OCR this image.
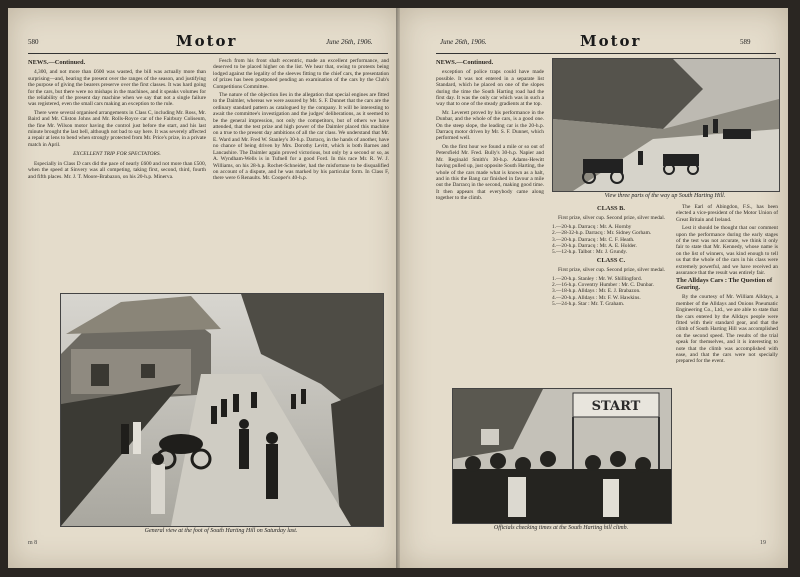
580	Motor	June 26th, 1906.

NEWS.—Continued.

4,300, and not more than £600 was wasted, the bill was actually more than surprising—and, bearing the present over the ranges of the season, and justifying the purpose of giving the bearers preserve over the first classes. It was hard going for the cars, but there were no mishaps in the machines, and it speaks volumes for the reliability of the present day machine when we say that not a single failure was registered, even the small cars making an exception to the rule.

There were several organised arrangements in Class C, including Mr. Ross, Mr. Baird and Mr. Cliston Johns and Mr. Rolls-Royce car of the Fairbury Coliseum, the fine Mr. Wilson motor having the control just before the start, and his last minute brought the last bell, although not bad to say here. It was severely affected a repair at lens to bend when strongly protected from Mr. Price's prize, in a private match in April.

EXCELLENT TRIP FOR SPECTATORS.

Especially in Class D cars did the pace of nearly £600 and not more than £500, when the speed at Sinvery was all competing, taking first, second, third, fourth and fifth places. Mr. J. T. Moore-Brabazon, on his 20-h.p. Minerva.

Fesch from his front shaft eccentric, made an excellent performance, and deserved to be placed higher on the list. We hear that, owing to protests being lodged against the legality of the sleeves fitting to the chief cars, the presentation of prizes has been postponed pending an examination of the cars by the Club's Competitions Committee.

The nature of the objection lies in the allegation that special engines are fitted to the Daimler, whereas we were assured by Mr. S. F. Dunnet that the cars are the ordinary standard pattern as catalogued by the company. It will be interesting to await the committee's investigation and the judges' deliberations, as it seemed to be the general impression, not only the competitors, but of others we have attended, that the test prize and high power of the Daimler placed this machine on a true to the present day ambitions of all the car class. We understand that Mr. E. Ward and Mr. Fred W. Stanley's 30-h.p. Darracq, in the hands of another, have no chance of being driven by Mrs. Dorothy Levitt, which is both Barnes and Lancashire. The Daimler again proved victorious, but only by a second or so, as A. Wyndham-Wells is in Tufnell for a good Ford. In this race Mr. R. W. J. Williams, on his 28-h.p. Rochet-Schneider, had the misfortune to be disqualified on account of a dispute, and he was marked by his particular form. In Class F, there were 6 Renaults. Mr. Cooper's 40-h.p.

General view at the foot of South Harting Hill on Saturday last.
m 8
June 26th, 1906.	Motor	589

NEWS.—Continued.

exception of police traps could have made possible. It was not entered in a separate list Standard, which he placed on one of the slopes during the time the South Harting road had the first day. It was the only car which was in such a way that to one of the steady gradients at the top.

Mr. Leverett proved by his performance in the Dunbar, and the whole of the cars, is a good one. On the steep slope, the leading car is the 20-h.p. Darracq motor driven by Mr. S. F. Dunnet, which performed well.

On the first hour we found a mile or so out of Petersfield Mr. Fred. Bully's 30-h.p. Napier and Mr. Reginald Smith's 30-h.p. Adams-Hewitt having pulled up, just opposite South Harting, the whole of the cars made what is known as a halt, and in this the Bang car finished in favour a mile out the Darracq in the second, making good time. It then appears that everybody came along together to the climb.	View three parts of the way up South Harting Hill.

CLASS B.

First prize, silver cup. Second prize, silver medal.

1.—20-h.p. Darracq : Mr. A. Hornby

2.—28-32-h.p. Darracq : Mr. Sidney Gorham.

3.—20-h.p. Darracq : Mr. C. F. Heath.

4.—20-h.p. Darracq : Mr. A. E. Holder.

5.—12-h.p. Talbot : Mr. J. Grundy.

CLASS C.

First prize, silver cup. Second prize, silver medal.

1.—20-h.p. Stanley : Mr. W. Shillingford.

2.—16-h.p. Coventry Humber : Mr. C. Dunbar.

3.—18-h.p. Alldays : Mr. E. J. Brabazon.

4.—20-h.p. Alldays : Mr. F. W. Hawkins.

5.—24-h.p. Star : Mr. T. Graham.

The Earl of Abingdon, F.S., has been elected a vice-president of the Motor Union of Great Britain and Ireland.

Lest it should be thought that our comment upon the performance during the early stages of the test was not accurate, we think it only fair to state that Mr. Kennedy, whose name is on the list of winners, was kind enough to tell us that the whole of the cars in his class were extremely powerful, and we have received an assurance that the result was entirely fair.

The Alldays Cars : The Question of Gearing.

By the courtesy of Mr. William Alldays, a member of the Alldays and Onions Pneumatic Engineering Co., Ltd., we are able to state that the cars entered by the Alldays people were fitted with their standard gear, and that the climb of South Harting Hill was accomplished on the second speed. The results of the trial speak for themselves, and it is interesting to note that the climb was accomplished with ease, and that the cars were not specially prepared for the event.

START
Officials checking times at the South Harting hill climb.
19
